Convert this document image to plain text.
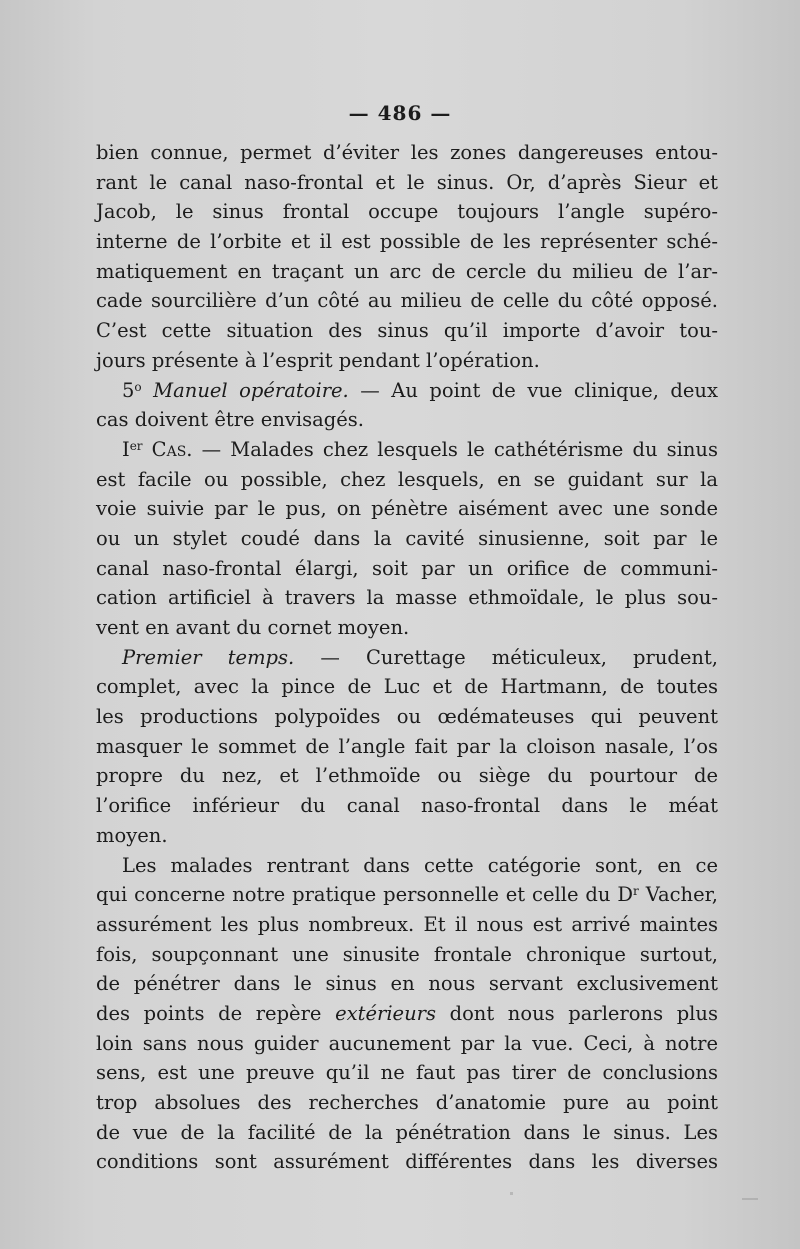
— 486 —
bien connue, permet d’éviter les zones dangereuses entou-
rant le canal naso-frontal et le sinus. Or, d’après Sieur et
Jacob, le sinus frontal occupe toujours l’angle supéro-
interne de l’orbite et il est possible de les représenter sché-
matiquement en traçant un arc de cercle du milieu de l’ar-
cade sourcilière d’un côté au milieu de celle du côté opposé.
C’est cette situation des sinus qu’il importe d’avoir tou-
jours présente à l’esprit pendant l’opération.
5$^o$ Manuel opératoire. — Au point de vue clinique, deux
cas doivent être envisagés.
Ier Cas. — Malades chez lesquels le cathétérisme du sinus
est facile ou possible, chez lesquels, en se guidant sur la
voie suivie par le pus, on pénètre aisément avec une sonde
ou un stylet coudé dans la cavité sinusienne, soit par le
canal naso-frontal élargi, soit par un orifice de communi-
cation artificiel à travers la masse ethmoïdale, le plus sou-
vent en avant du cornet moyen.
Premier temps. — Curettage méticuleux, prudent,
complet, avec la pince de Luc et de Hartmann, de toutes
les productions polypoïdes ou œdémateuses qui peuvent
masquer le sommet de l’angle fait par la cloison nasale, l’os
propre du nez, et l’ethmoïde ou siège du pourtour de
l’orifice inférieur du canal naso-frontal dans le méat
moyen.
Les malades rentrant dans cette catégorie sont, en ce
qui concerne notre pratique personnelle et celle du $D^r$ Vacher,
assurément les plus nombreux. Et il nous est arrivé maintes
fois, soupçonnant une sinusite frontale chronique surtout,
de pénétrer dans le sinus en nous servant exclusivement
des points de repère extérieurs dont nous parlerons plus
loin sans nous guider aucunement par la vue. Ceci, à notre
sens, est une preuve qu’il ne faut pas tirer de conclusions
trop absolues des recherches d’anatomie pure au point
de vue de la facilité de la pénétration dans le sinus. Les
conditions sont assurément différentes dans les diverses
